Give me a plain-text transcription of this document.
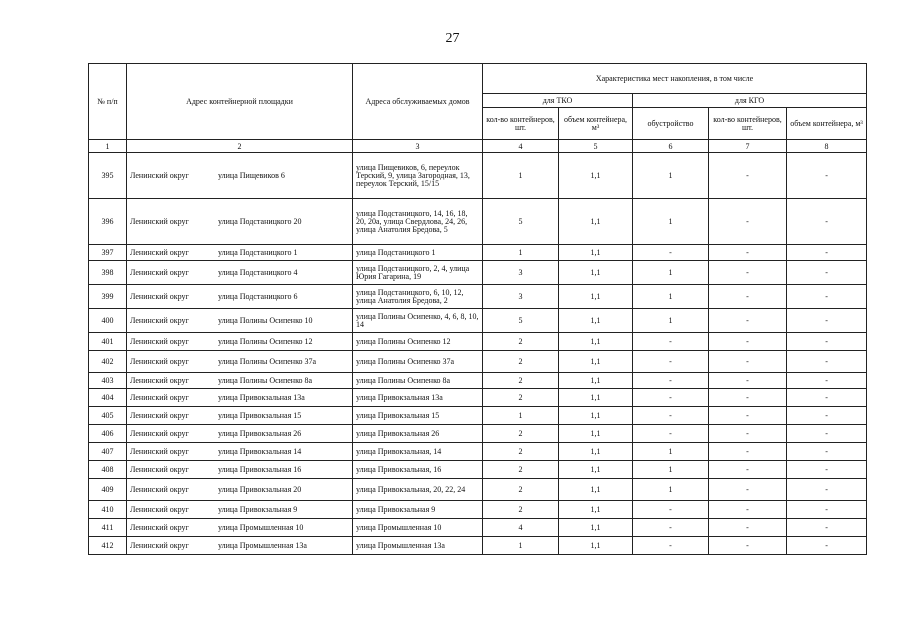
27
№ п/п	Адрес контейнерной площадки	Адреса обслуживаемых домов	Характеристика мест накопления, в том числе				
			для ТКО		для КГО		
			кол-во контейнеров, шт.	объем контейнера, м³	обустройство	кол-во контейнеров, шт.	объем контейнера, м³
1	2	3	4	5	6	7	8
395	Ленинский округ улица Пищевиков 6	улица Пищевиков, 6, переулок Терский, 9, улица Загородная, 13, переулок Терский, 15/15	1	1,1	1	-	-
396	Ленинский округ улица Подстаницкого 20	улица Подстаницкого, 14, 16, 18, 20, 20а, улица Свердлова, 24, 26, улица Анатолия Бредова, 5	5	1,1	1	-	-
397	Ленинский округ улица Подстаницкого 1	улица Подстаницкого 1	1	1,1	-	-	-
398	Ленинский округ улица Подстаницкого 4	улица Подстаницкого, 2, 4, улица Юрия Гагарина, 19	3	1,1	1	-	-
399	Ленинский округ улица Подстаницкого 6	улица Подстаницкого, 6, 10, 12, улица Анатолия Бредова, 2	3	1,1	1	-	-
400	Ленинский округ улица Полины Осипенко 10	улица Полины Осипенко, 4, 6, 8, 10, 14	5	1,1	1	-	-
401	Ленинский округ улица Полины Осипенко 12	улица Полины Осипенко 12	2	1,1	-	-	-
402	Ленинский округ улица Полины Осипенко 37а	улица Полины Осипенко 37а	2	1,1	-	-	-
403	Ленинский округ улица Полины Осипенко 8а	улица Полины Осипенко 8а	2	1,1	-	-	-
404	Ленинский округ улица Привокзальная 13а	улица Привокзальная 13а	2	1,1	-	-	-
405	Ленинский округ улица Привокзальная 15	улица Привокзальная 15	1	1,1	-	-	-
406	Ленинский округ улица Привокзальная 26	улица Привокзальная 26	2	1,1	-	-	-
407	Ленинский округ улица Привокзальная 14	улица Привокзальная, 14	2	1,1	1	-	-
408	Ленинский округ улица Привокзальная 16	улица Привокзальная, 16	2	1,1	1	-	-
409	Ленинский округ улица Привокзальная 20	улица Привокзальная, 20, 22, 24	2	1,1	1	-	-
410	Ленинский округ улица Привокзальная 9	улица Привокзальная 9	2	1,1	-	-	-
411	Ленинский округ улица Промышленная 10	улица Промышленная 10	4	1,1	-	-	-
412	Ленинский округ улица Промышленная 13а	улица Промышленная 13а	1	1,1	-	-	-
